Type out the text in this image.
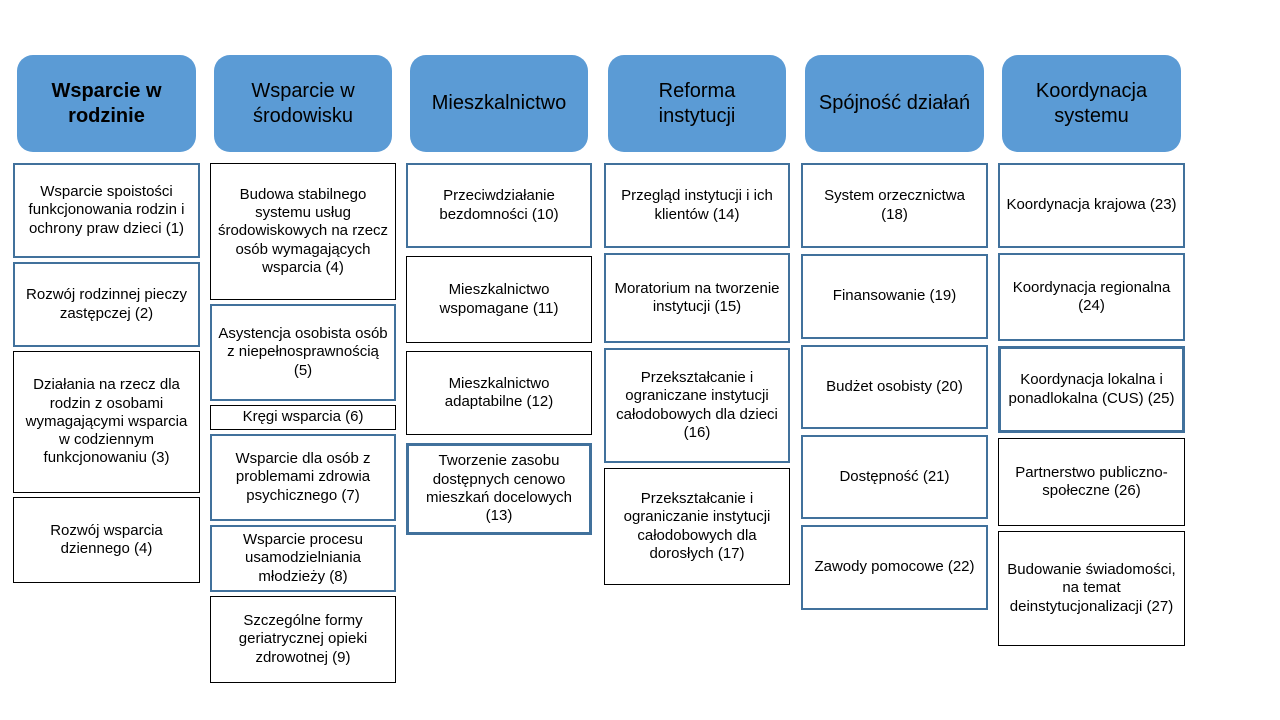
Wsparcie w rodzinie
Wsparcie spoistości funkcjonowania rodzin i ochrony praw dzieci (1)
Rozwój rodzinnej pieczy zastępczej (2)
Działania na rzecz dla rodzin z osobami wymagającymi wsparcia w codziennym funkcjonowaniu (3)
Rozwój wsparcia dziennego (4)
Wsparcie w środowisku
Budowa stabilnego systemu usług środowiskowych na rzecz osób wymagających wsparcia (4)
Asystencja osobista osób z niepełnosprawnością (5)
Kręgi wsparcia (6)
Wsparcie dla osób z problemami zdrowia psychicznego (7)
Wsparcie procesu usamodzielniania młodzieży (8)
Szczególne formy geriatrycznej opieki zdrowotnej (9)
Mieszkalnictwo
Przeciwdziałanie bezdomności (10)
Mieszkalnictwo wspomagane (11)
Mieszkalnictwo adaptabilne (12)
Tworzenie zasobu dostępnych cenowo mieszkań docelowych (13)
Reforma instytucji
Przegląd instytucji i ich klientów (14)
Moratorium na tworzenie instytucji (15)
Przekształcanie i ograniczane instytucji całodobowych dla dzieci (16)
Przekształcanie i ograniczanie instytucji całodobowych dla dorosłych (17)
Spójność działań
System orzecznictwa (18)
Finansowanie (19)
Budżet osobisty (20)
Dostępność (21)
Zawody pomocowe (22)
Koordynacja systemu
Koordynacja krajowa (23)
Koordynacja regionalna (24)
Koordynacja lokalna i ponadlokalna (CUS) (25)
Partnerstwo publiczno-społeczne (26)
Budowanie świadomości, na temat deinstytucjonalizacji (27)
